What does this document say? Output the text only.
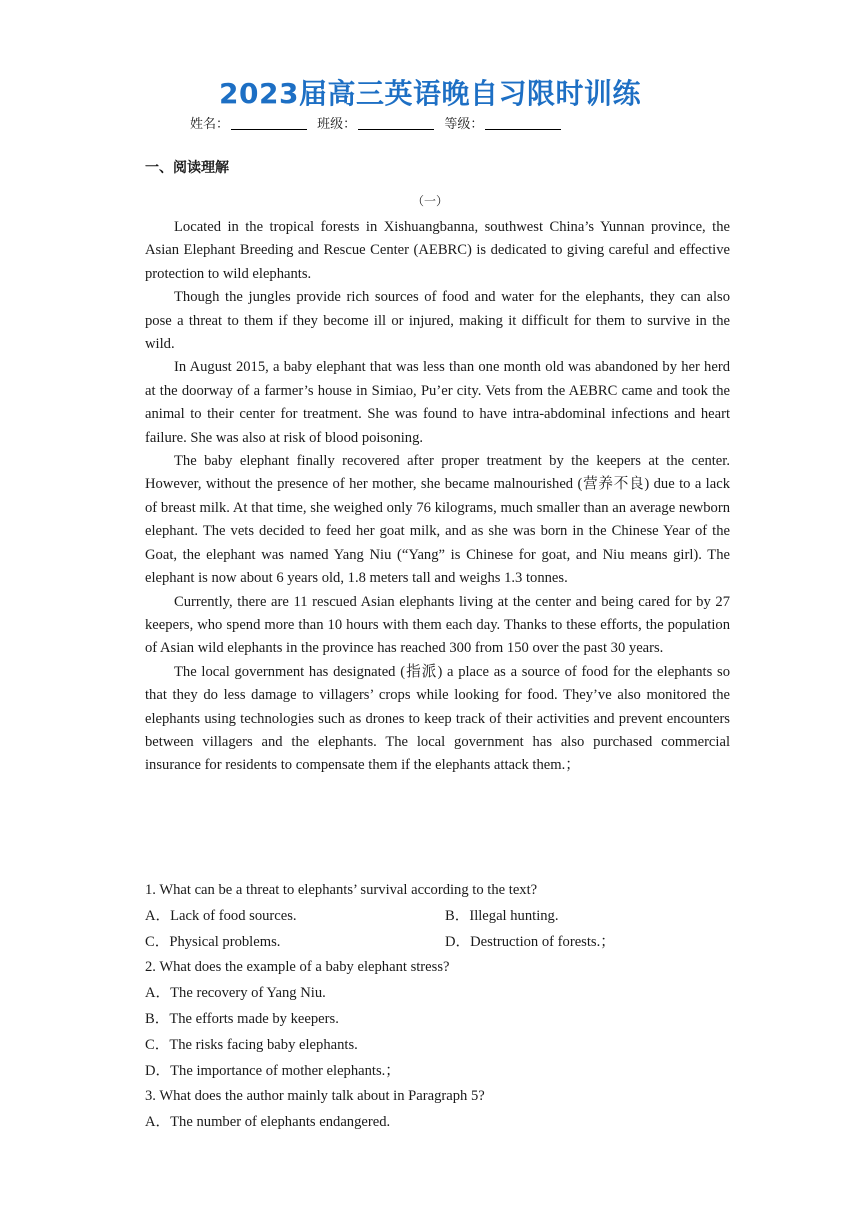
2023届高三英语晚自习限时训练
姓名：	班级：	等级：
一、阅读理解
（一）

Located in the tropical forests in Xishuangbanna, southwest China’s Yunnan province, the Asian Elephant Breeding and Rescue Center (AEBRC) is dedicated to giving careful and effective protection to wild elephants.

Though the jungles provide rich sources of food and water for the elephants, they can also pose a threat to them if they become ill or injured, making it difficult for them to survive in the wild.

In August 2015, a baby elephant that was less than one month old was abandoned by her herd at the doorway of a farmer’s house in Simiao, Pu’er city. Vets from the AEBRC came and took the animal to their center for treatment. She was found to have intra-abdominal infections and heart failure. She was also at risk of blood poisoning.

The baby elephant finally recovered after proper treatment by the keepers at the center. However, without the presence of her mother, she became malnourished (营养不良) due to a lack of breast milk. At that time, she weighed only 76 kilograms, much smaller than an average newborn elephant. The vets decided to feed her goat milk, and as she was born in the Chinese Year of the Goat, the elephant was named Yang Niu (“Yang” is Chinese for goat, and Niu means girl). The elephant is now about 6 years old, 1.8 meters tall and weighs 1.3 tonnes.

Currently, there are 11 rescued Asian elephants living at the center and being cared for by 27 keepers, who spend more than 10 hours with them each day. Thanks to these efforts, the population of Asian wild elephants in the province has reached 300 from 150 over the past 30 years.

The local government has designated (指派) a place as a source of food for the elephants so that they do less damage to villagers’ crops while looking for food. They’ve also monitored the elephants using technologies such as drones to keep track of their activities and prevent encounters between villagers and the elephants. The local government has also purchased commercial insurance for residents to compensate them if the elephants attack them.；

1. What can be a threat to elephants’ survival according to the text?

A．Lack of food sources.	B．Illegal hunting.
C．Physical problems.	D．Destruction of forests.；

2. What does the example of a baby elephant stress?

A．The recovery of Yang Niu.
B．The efforts made by keepers.
C．The risks facing baby elephants.
D．The importance of mother elephants.；

3. What does the author mainly talk about in Paragraph 5?

A．The number of elephants endangered.
